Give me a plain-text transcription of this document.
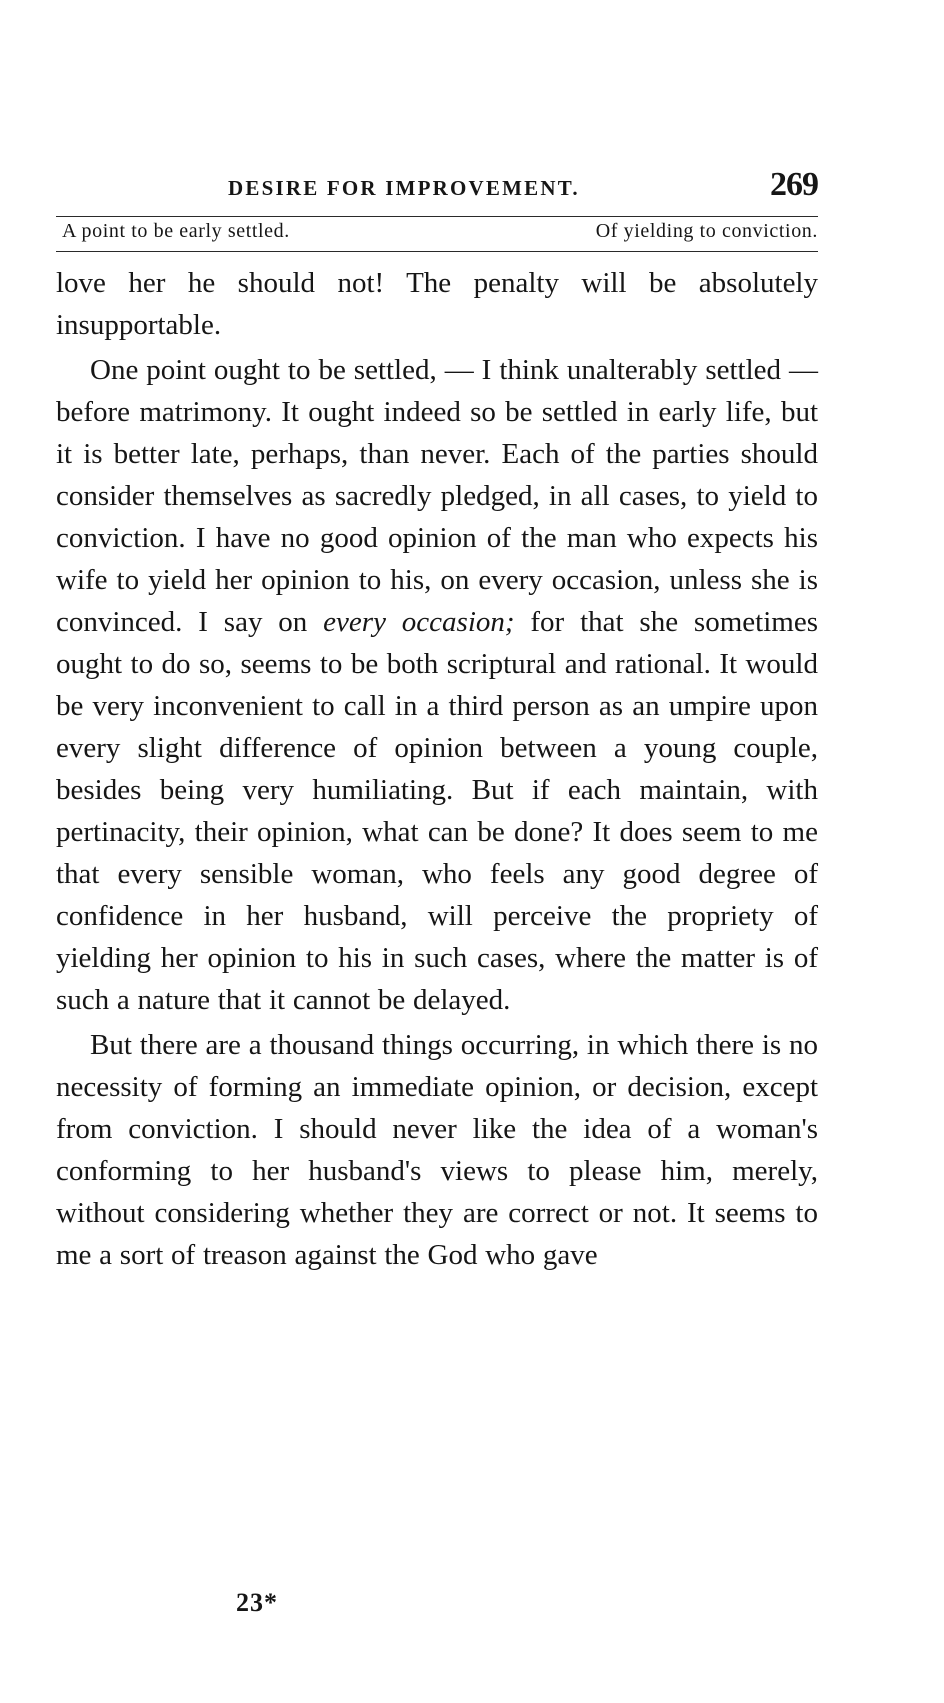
DESIRE FOR IMPROVEMENT.	269
A point to be early settled.	Of yielding to conviction.

love her he should not! The penalty will be absolutely insupportable.

One point ought to be settled, — I think unalterably settled — before matrimony. It ought indeed so be settled in early life, but it is better late, perhaps, than never. Each of the parties should consider themselves as sacredly pledged, in all cases, to yield to conviction. I have no good opinion of the man who expects his wife to yield her opinion to his, on every occasion, unless she is convinced. I say on every occasion; for that she sometimes ought to do so, seems to be both scriptural and rational. It would be very inconvenient to call in a third person as an umpire upon every slight difference of opinion between a young couple, besides being very humiliating. But if each maintain, with pertinacity, their opinion, what can be done? It does seem to me that every sensible woman, who feels any good degree of confidence in her husband, will perceive the propriety of yielding her opinion to his in such cases, where the matter is of such a nature that it cannot be delayed.

But there are a thousand things occurring, in which there is no necessity of forming an immediate opinion, or decision, except from conviction. I should never like the idea of a woman's conforming to her husband's views to please him, merely, without considering whether they are correct or not. It seems to me a sort of treason against the God who gave

23*
